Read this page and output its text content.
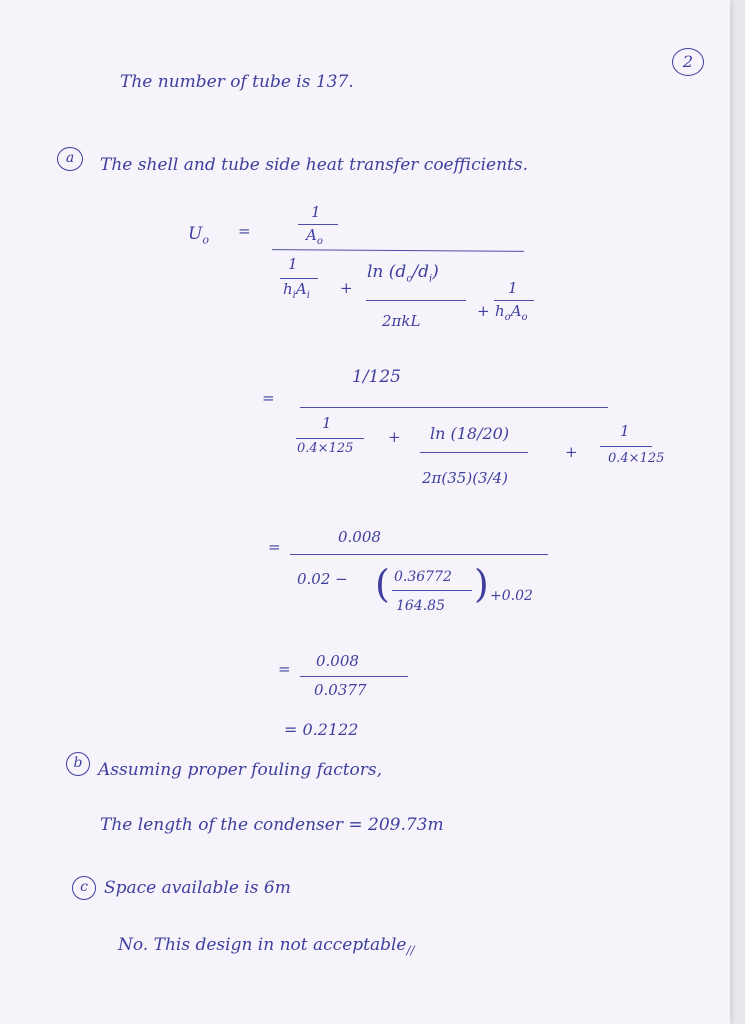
2
The number of tube is 137.
a	The shell and tube side heat transfer coefficients.
$U_o$ =
1
$A_o$
1
$h_iA_i$ +
$\ln (d_o/d_i)$
2πkL
+
1
$h_oA_o$
=
1/125
1
0.4×125
+ ln (18/20)
2π(35)(3/4)
+
1
0.4×125
=
0.008
0.02 − ( 0.36772
164.85 ) +0.02
= 0.008
0.0377
= 0.2122
b Assuming proper fouling factors,
The length of the condenser = 209.73m
c Space available is 6m
No. This design in not acceptable$_{//}$
